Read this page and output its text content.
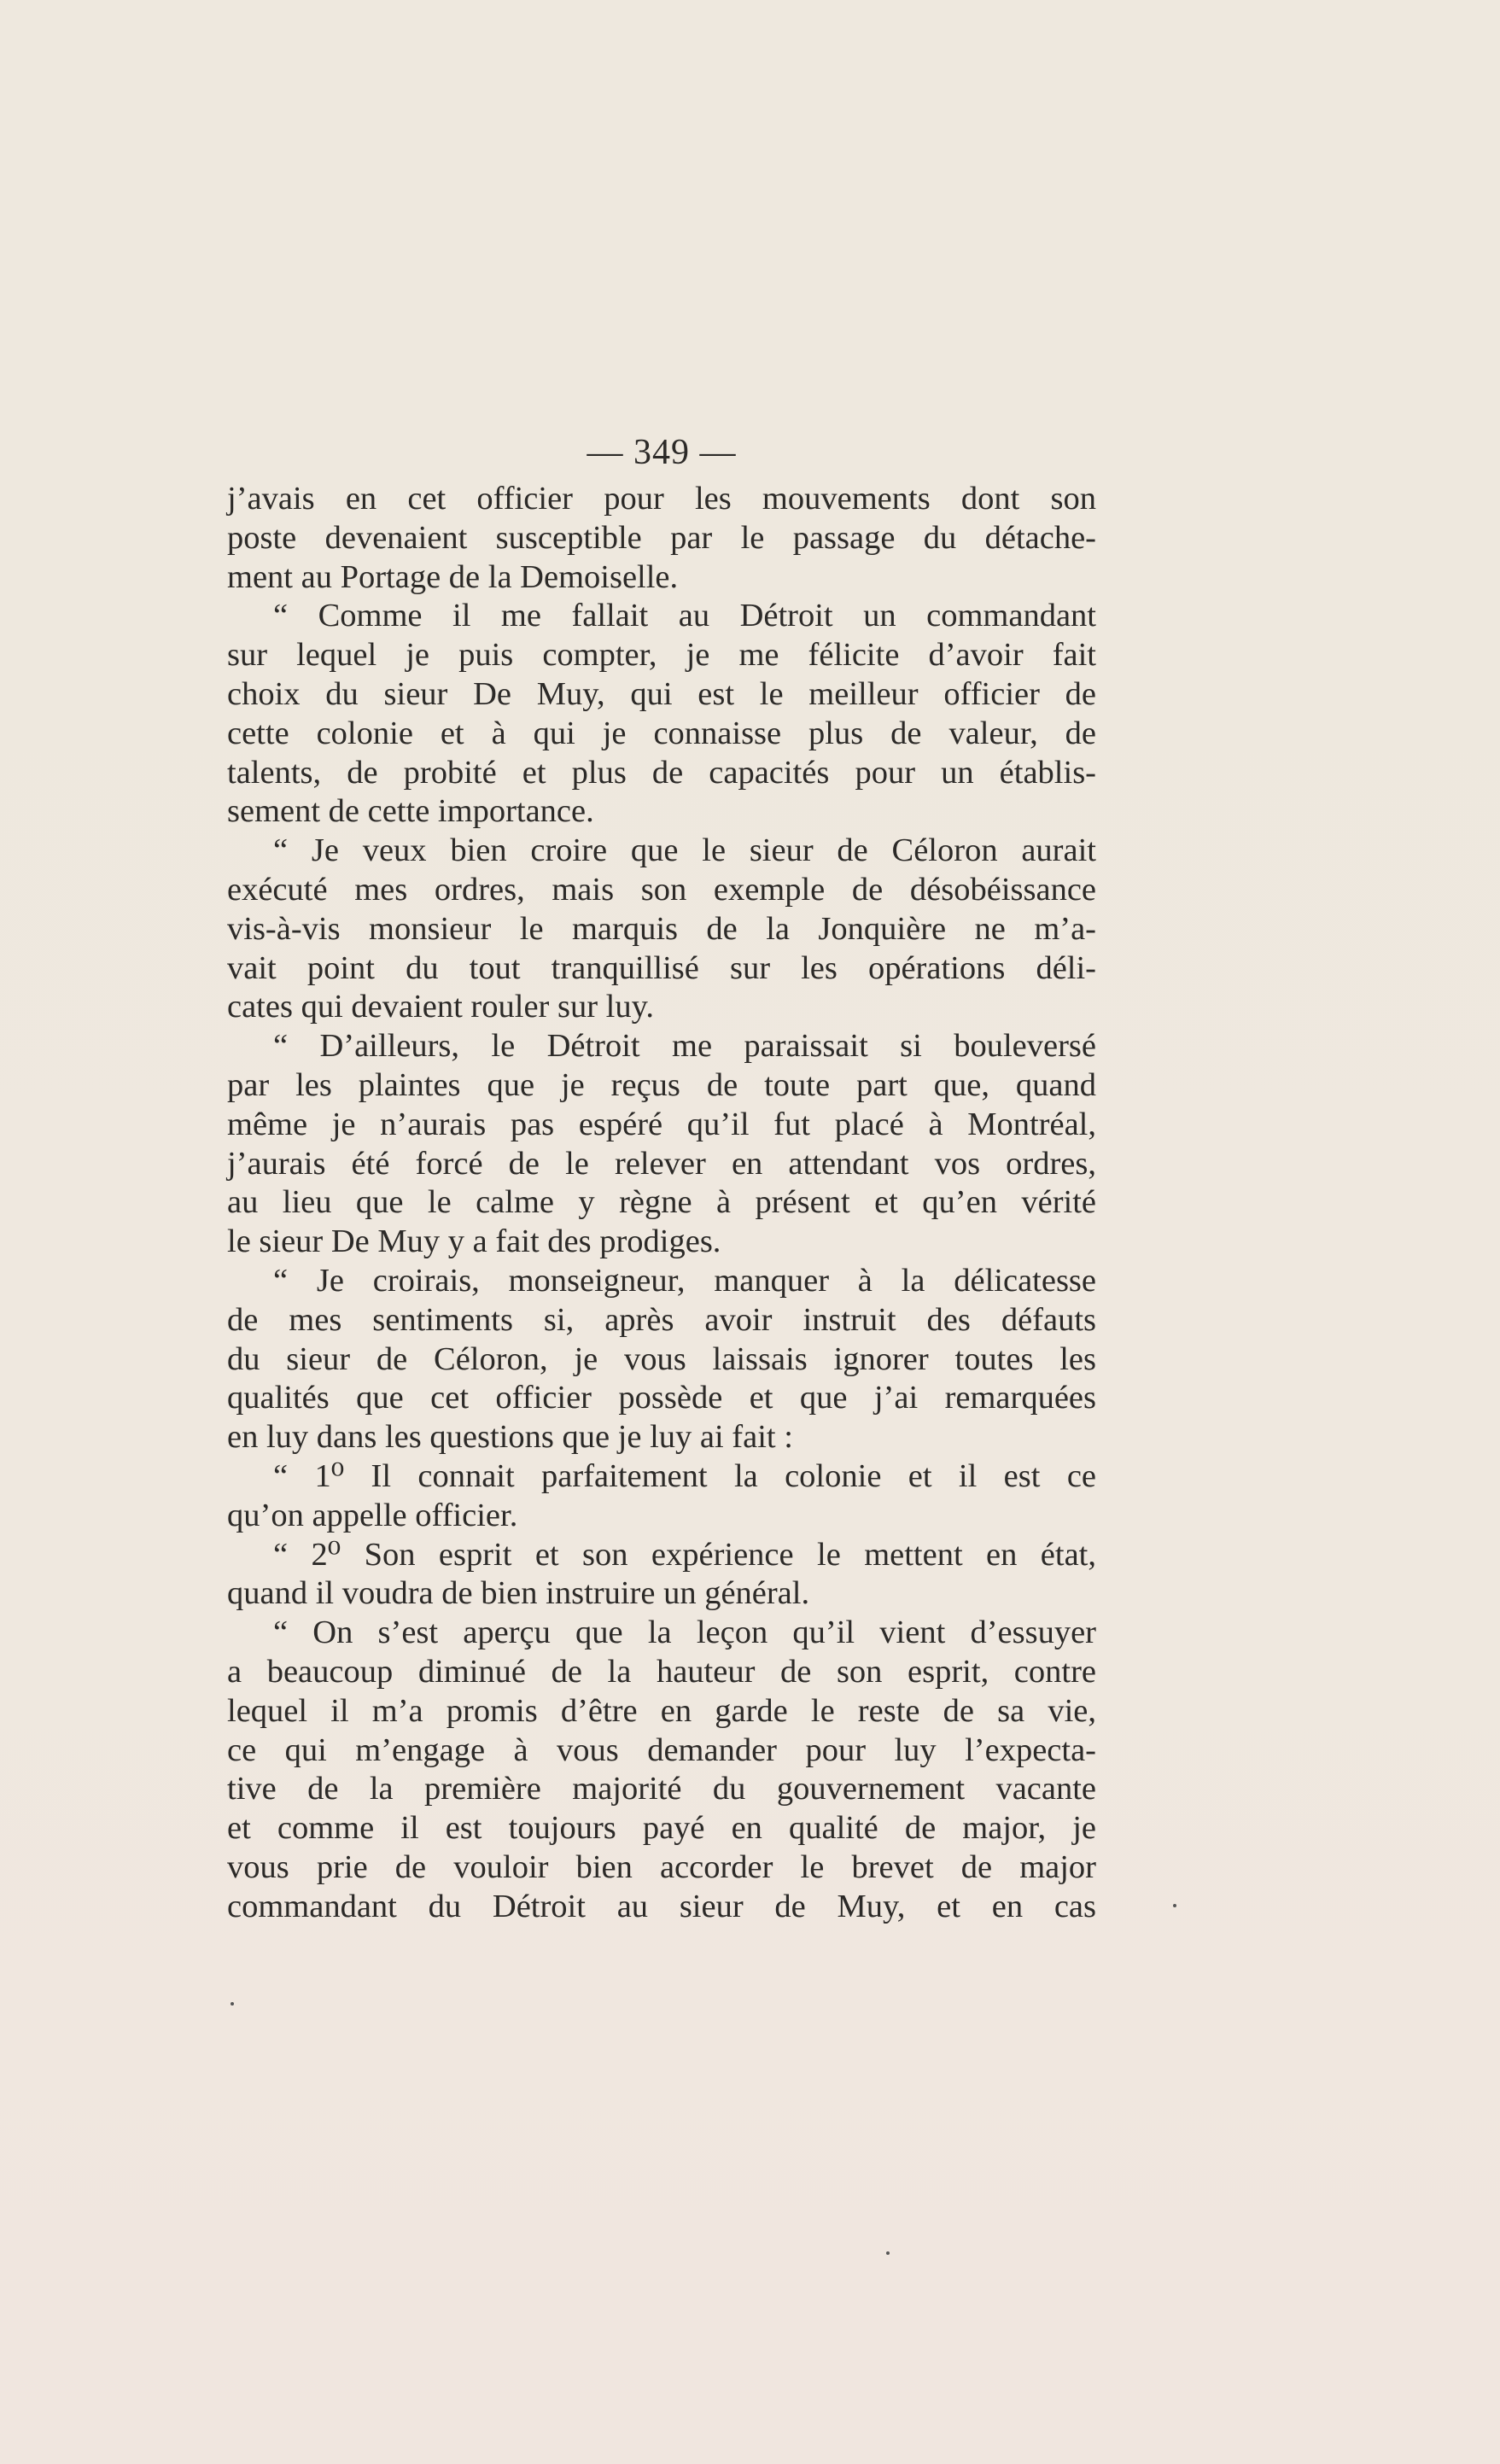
— 349 —
j’avais en cet officier pour les mouvements dont son
poste devenaient susceptible par le passage du détache-
ment au Portage de la Demoiselle.
“ Comme il me fallait au Détroit un commandant
sur lequel je puis compter, je me félicite d’avoir fait
choix du sieur De Muy, qui est le meilleur officier de
cette colonie et à qui je connaisse plus de valeur, de
talents, de probité et plus de capacités pour un établis-
sement de cette importance.
“ Je veux bien croire que le sieur de Céloron aurait
exécuté mes ordres, mais son exemple de désobéissance
vis-à-vis monsieur le marquis de la Jonquière ne m’a-
vait point du tout tranquillisé sur les opérations déli-
cates qui devaient rouler sur luy.
“ D’ailleurs, le Détroit me paraissait si bouleversé
par les plaintes que je reçus de toute part que, quand
même je n’aurais pas espéré qu’il fut placé à Montréal,
j’aurais été forcé de le relever en attendant vos ordres,
au lieu que le calme y règne à présent et qu’en vérité
le sieur De Muy y a fait des prodiges.
“ Je croirais, monseigneur, manquer à la délicatesse
de mes sentiments si, après avoir instruit des défauts
du sieur de Céloron, je vous laissais ignorer toutes les
qualités que cet officier possède et que j’ai remarquées
en luy dans les questions que je luy ai fait :
“ 1⁰ Il connait parfaitement la colonie et il est ce
qu’on appelle officier.
“ 2⁰ Son esprit et son expérience le mettent en état,
quand il voudra de bien instruire un général.
“ On s’est aperçu que la leçon qu’il vient d’essuyer
a beaucoup diminué de la hauteur de son esprit, contre
lequel il m’a promis d’être en garde le reste de sa vie,
ce qui m’engage à vous demander pour luy l’expecta-
tive de la première majorité du gouvernement vacante
et comme il est toujours payé en qualité de major, je
vous prie de vouloir bien accorder le brevet de major
commandant du Détroit au sieur de Muy, et en cas
